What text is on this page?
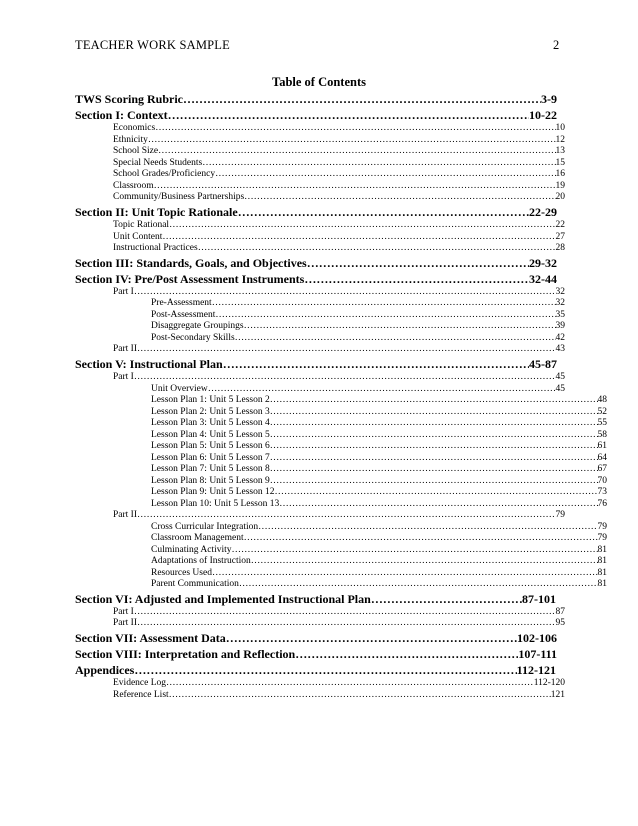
TEACHER WORK SAMPLE	2
Table of Contents
TWS Scoring Rubric ……………………………………………………………………………………………………………………………………………………………………………………………………………	3-9
Section I: Context ……………………………………………………………………………………………………………………………………………………………………………………………………………	10-22
Economics ……………………………………………………………………………………………………………………………………………………………………………………………………………	10
Ethnicity ……………………………………………………………………………………………………………………………………………………………………………………………………………	12
School Size ……………………………………………………………………………………………………………………………………………………………………………………………………………	13
Special Needs Students ……………………………………………………………………………………………………………………………………………………………………………………………………………	15
School Grades/Proficiency ……………………………………………………………………………………………………………………………………………………………………………………………………………	16
Classroom ……………………………………………………………………………………………………………………………………………………………………………………………………………	19
Community/Business Partnerships ……………………………………………………………………………………………………………………………………………………………………………………………………………	20
Section II: Unit Topic Rationale ……………………………………………………………………………………………………………………………………………………………………………………………………………	22-29
Topic Rational ……………………………………………………………………………………………………………………………………………………………………………………………………………	22
Unit Content ……………………………………………………………………………………………………………………………………………………………………………………………………………	27
Instructional Practices ……………………………………………………………………………………………………………………………………………………………………………………………………………	28
Section III: Standards, Goals, and Objectives ……………………………………………………………………………………………………………………………………………………………………………………………………………	29-32
Section IV: Pre/Post Assessment Instruments ……………………………………………………………………………………………………………………………………………………………………………………………………………	32-44
Part I ……………………………………………………………………………………………………………………………………………………………………………………………………………	32
Pre-Assessment ……………………………………………………………………………………………………………………………………………………………………………………………………………	32
Post-Assessment ……………………………………………………………………………………………………………………………………………………………………………………………………………	35
Disaggregate Groupings ……………………………………………………………………………………………………………………………………………………………………………………………………………	39
Post-Secondary Skills ……………………………………………………………………………………………………………………………………………………………………………………………………………	42
Part II ……………………………………………………………………………………………………………………………………………………………………………………………………………	43
Section V: Instructional Plan ……………………………………………………………………………………………………………………………………………………………………………………………………………	45-87
Part I ……………………………………………………………………………………………………………………………………………………………………………………………………………	45
Unit Overview ……………………………………………………………………………………………………………………………………………………………………………………………………………	45
Lesson Plan 1: Unit 5 Lesson 2 ……………………………………………………………………………………………………………………………………………………………………………………………………………	48
Lesson Plan 2: Unit 5 Lesson 3 ……………………………………………………………………………………………………………………………………………………………………………………………………………	52
Lesson Plan 3: Unit 5 Lesson 4 ……………………………………………………………………………………………………………………………………………………………………………………………………………	55
Lesson Plan 4: Unit 5 Lesson 5 ……………………………………………………………………………………………………………………………………………………………………………………………………………	58
Lesson Plan 5: Unit 5 Lesson 6 ……………………………………………………………………………………………………………………………………………………………………………………………………………	61
Lesson Plan 6: Unit 5 Lesson 7 ……………………………………………………………………………………………………………………………………………………………………………………………………………	64
Lesson Plan 7: Unit 5 Lesson 8 ……………………………………………………………………………………………………………………………………………………………………………………………………………	67
Lesson Plan 8: Unit 5 Lesson 9 ……………………………………………………………………………………………………………………………………………………………………………………………………………	70
Lesson Plan 9: Unit 5 Lesson 12 ……………………………………………………………………………………………………………………………………………………………………………………………………………	73
Lesson Plan 10: Unit 5 Lesson 13 ……………………………………………………………………………………………………………………………………………………………………………………………………………	76
Part II ……………………………………………………………………………………………………………………………………………………………………………………………………………	79
Cross Curricular Integration ……………………………………………………………………………………………………………………………………………………………………………………………………………	79
Classroom Management ……………………………………………………………………………………………………………………………………………………………………………………………………………	79
Culminating Activity ……………………………………………………………………………………………………………………………………………………………………………………………………………	81
Adaptations of Instruction ……………………………………………………………………………………………………………………………………………………………………………………………………………	81
Resources Used ……………………………………………………………………………………………………………………………………………………………………………………………………………	81
Parent Communication ……………………………………………………………………………………………………………………………………………………………………………………………………………	81
Section VI: Adjusted and Implemented Instructional Plan ……………………………………………………………………………………………………………………………………………………………………………………………………………	87-101
Part I ……………………………………………………………………………………………………………………………………………………………………………………………………………	87
Part II ……………………………………………………………………………………………………………………………………………………………………………………………………………	95
Section VII: Assessment Data ……………………………………………………………………………………………………………………………………………………………………………………………………………	102-106
Section VIII: Interpretation and Reflection ……………………………………………………………………………………………………………………………………………………………………………………………………………	107-111
Appendices ……………………………………………………………………………………………………………………………………………………………………………………………………………	112-121
Evidence Log ……………………………………………………………………………………………………………………………………………………………………………………………………………	112-120
Reference List ……………………………………………………………………………………………………………………………………………………………………………………………………………	121
